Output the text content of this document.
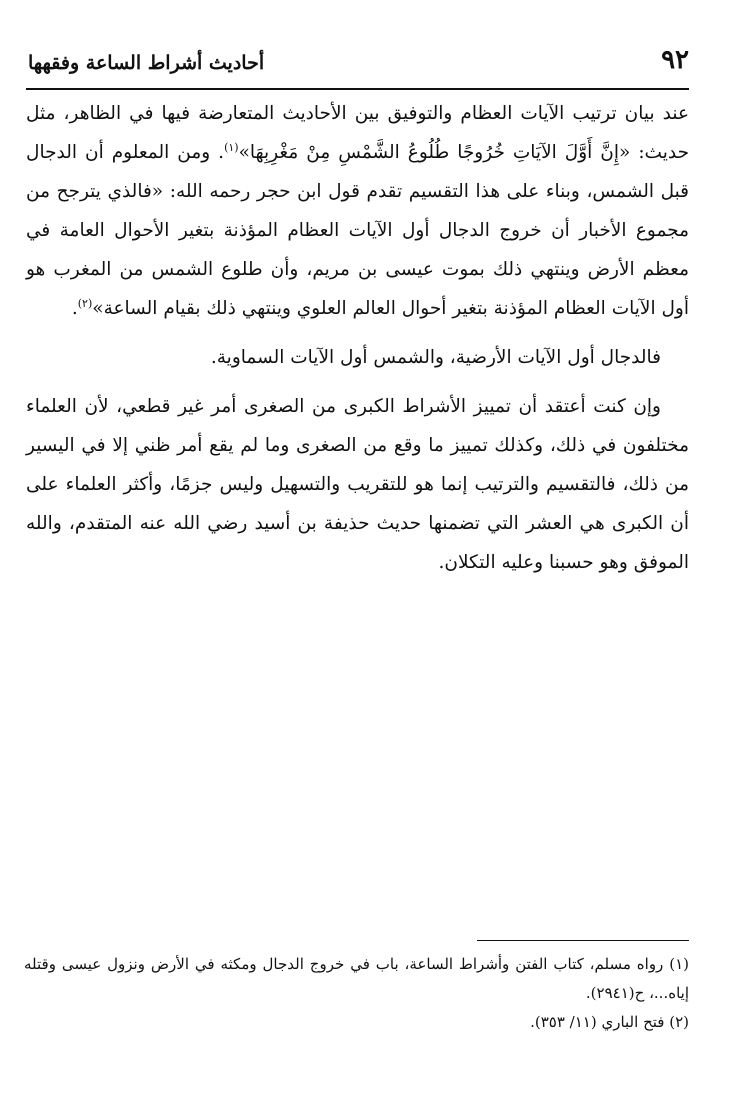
٩٢
أحاديث أشراط الساعة وفقهها

عند بيان ترتيب الآيات العظام والتوفيق بين الأحاديث المتعارضة فيها في الظاهر، مثل حديث: «إِنَّ أَوَّلَ الآيَاتِ خُرُوجًا طُلُوعُ الشَّمْسِ مِنْ مَغْرِبِهَا»$^{(١)}$. ومن المعلوم أن الدجال قبل الشمس، وبناء على هذا التقسيم تقدم قول ابن حجر رحمه الله: «فالذي يترجح من مجموع الأخبار أن خروج الدجال أول الآيات العظام المؤذنة بتغير الأحوال العامة في معظم الأرض وينتهي ذلك بموت عيسى بن مريم، وأن طلوع الشمس من المغرب هو أول الآيات العظام المؤذنة بتغير أحوال العالم العلوي وينتهي ذلك بقيام الساعة»$^{(٢)}$.

فالدجال أول الآيات الأرضية، والشمس أول الآيات السماوية.

وإن كنت أعتقد أن تمييز الأشراط الكبرى من الصغرى أمر غير قطعي، لأن العلماء مختلفون في ذلك، وكذلك تمييز ما وقع من الصغرى وما لم يقع أمر ظني إلا في اليسير من ذلك، فالتقسيم والترتيب إنما هو للتقريب والتسهيل وليس جزمًا، وأكثر العلماء على أن الكبرى هي العشر التي تضمنها حديث حذيفة بن أسيد رضي الله عنه المتقدم، والله الموفق وهو حسبنا وعليه التكلان.

(١) رواه مسلم، كتاب الفتن وأشراط الساعة، باب في خروج الدجال ومكثه في الأرض ونزول عيسى وقتله إياه...، ح(٢٩٤١).

(٢) فتح الباري (١١/ ٣٥٣).
